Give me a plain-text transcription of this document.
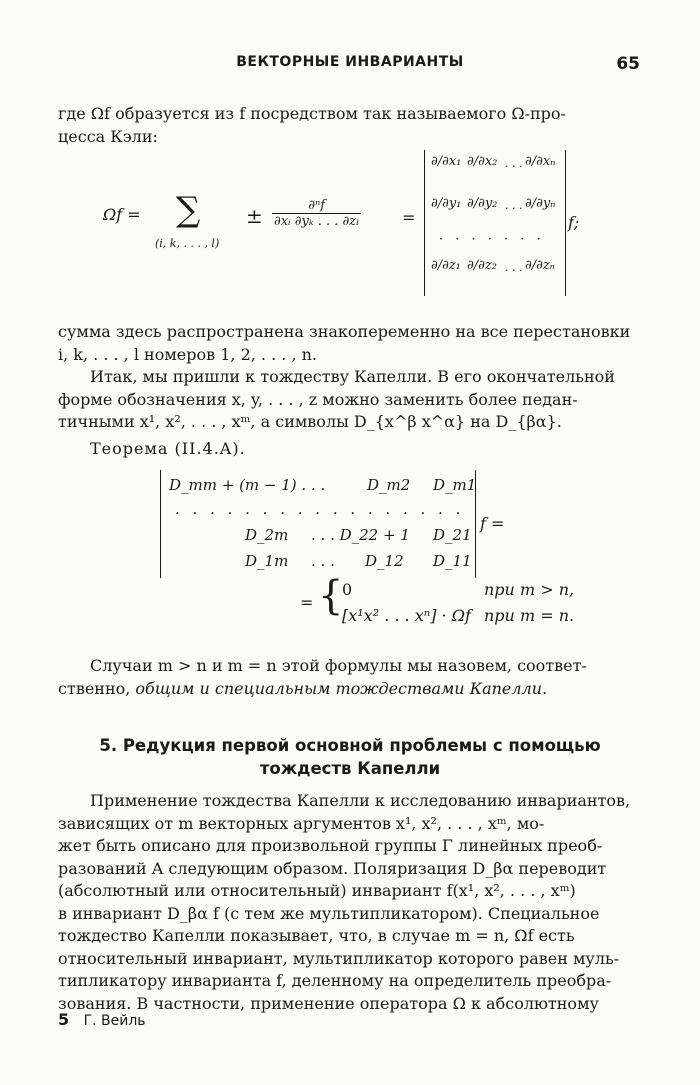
ВЕКТОРНЫЕ ИНВАРИАНТЫ	65
где Ωf образуется из f посредством так называемого Ω-про-
цесса Кэли:
Ωf = ∑
(i, k, . . . , l)
± $\frac{\text{∂ⁿf}}{\text{∂xᵢ ∂yₖ . . . ∂zₗ}}$	=
∂/∂x₁ ∂/∂x₂ · · · ∂/∂xₙ
∂/∂y₁ ∂/∂y₂ · · · ∂/∂yₙ
· · · · · · ·
∂/∂z₁ ∂/∂z₂ · · · ∂/∂zₙ
f;
сумма здесь распространена знакопеременно на все перестановки
i, k, . . . , l номеров 1, 2, . . . , n.
Итак, мы пришли к тождеству Капелли. В его окончательной
форме обозначения x, y, . . . , z можно заменить более педан-
тичными x¹, x², . . . , xᵐ, а символы D_{x^β x^α} на D_{βα}.
Теорема (II.4.A).
D_mm + (m − 1) . . .	D_m2 D_m1
. . . . . . . . . . . . . . . . .
D_2m . . . D_22 + 1 D_21
D_1m . . . D_12 D_11
f =
= {
0	при m > n,
[x¹x² . . . xⁿ] · Ωf при m = n.
Случаи m > n и m = n этой формулы мы назовем, соответ-
ственно, общим и специальным тождествами Капелли.
5. Редукция первой основной проблемы с помощью
тождеств Капелли
Применение тождества Капелли к исследованию инвариантов,
зависящих от m векторных аргументов x¹, x², . . . , xᵐ, мо-
жет быть описано для произвольной группы Γ линейных преоб-
разований A следующим образом. Поляризация D_βα переводит
(абсолютный или относительный) инвариант f(x¹, x², . . . , xᵐ)
в инвариант D_βα f (с тем же мультипликатором). Специальное
тождество Капелли показывает, что, в случае m = n, Ωf есть
относительный инвариант, мультипликатор которого равен муль-
типликатору инварианта f, деленному на определитель преобра-
зования. В частности, применение оператора Ω к абсолютному
5 Г. Вейль
